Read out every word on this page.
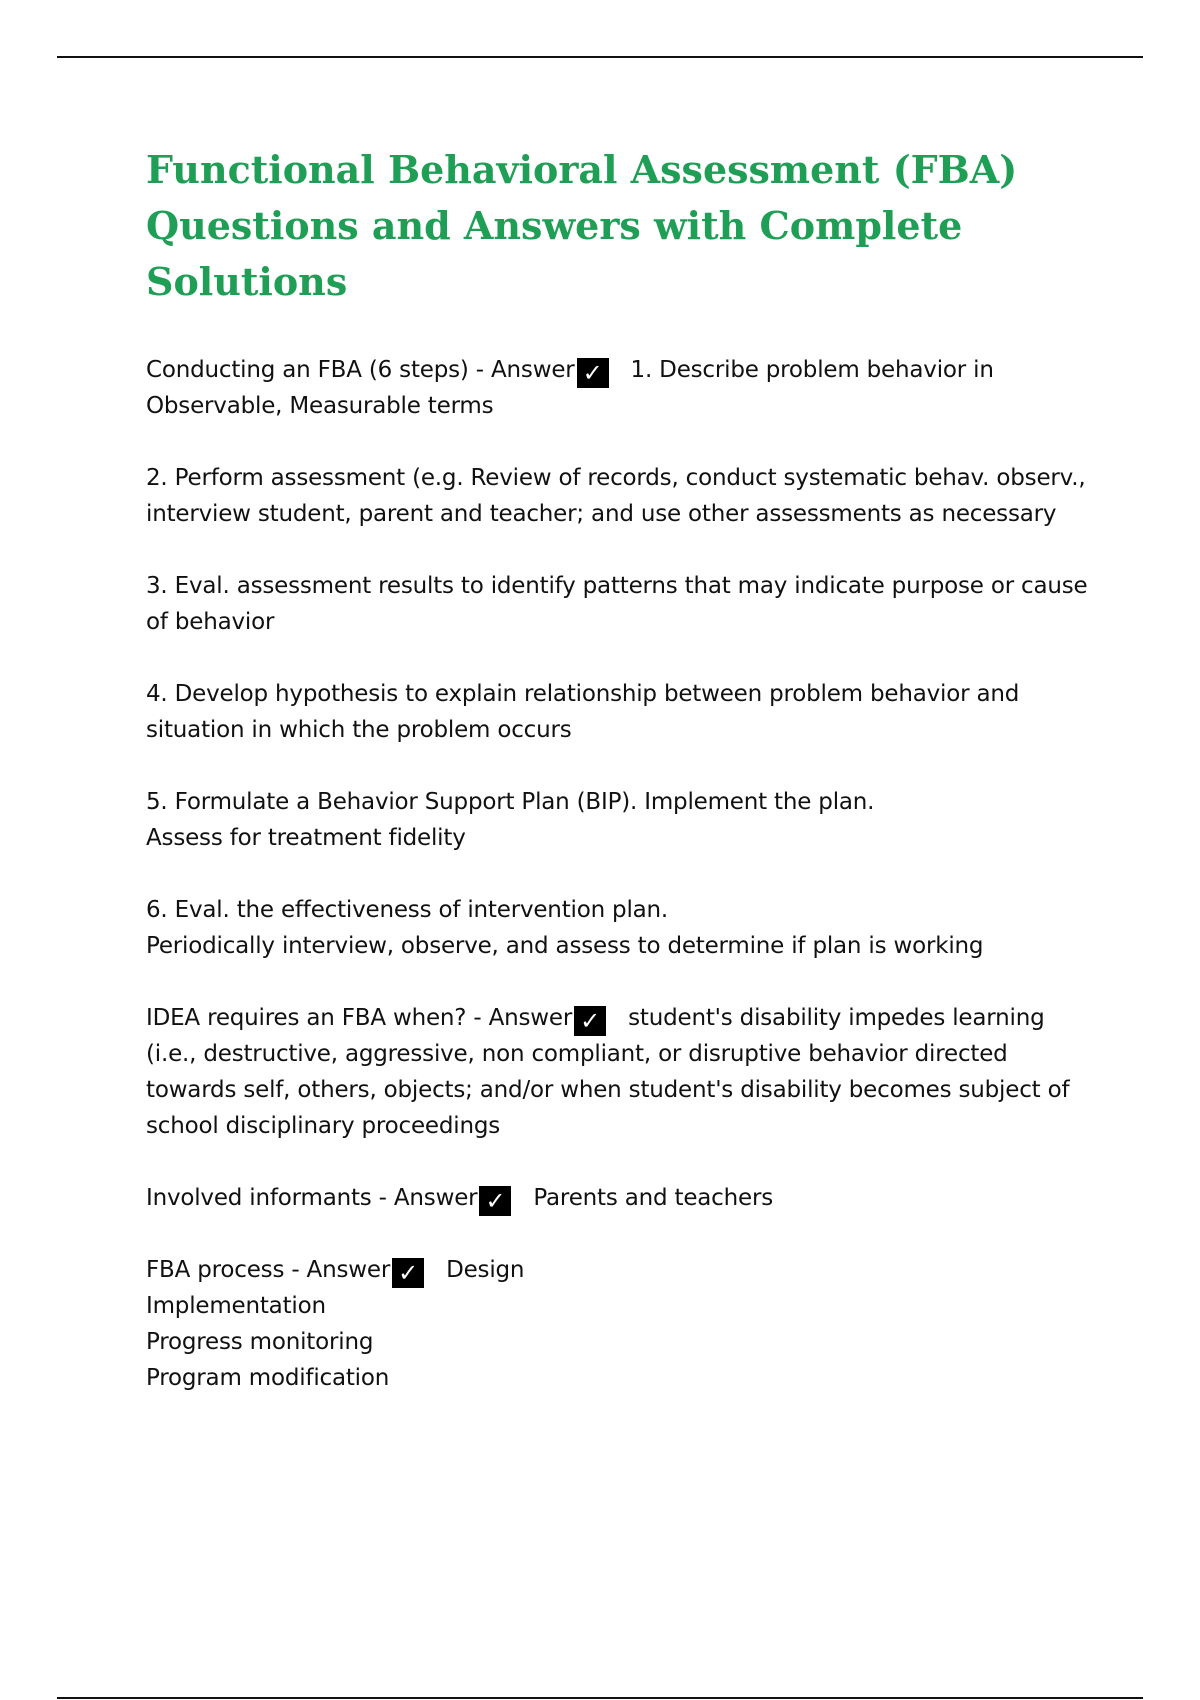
Functional Behavioral Assessment (FBA)
Questions and Answers with Complete Solutions
Conducting an FBA (6 steps) - Answer ✓ 1. Describe problem behavior in
Observable, Measurable terms
2. Perform assessment (e.g. Review of records, conduct systematic behav. observ.,
interview student, parent and teacher; and use other assessments as necessary
3. Eval. assessment results to identify patterns that may indicate purpose or cause
of behavior
4. Develop hypothesis to explain relationship between problem behavior and
situation in which the problem occurs
5. Formulate a Behavior Support Plan (BIP). Implement the plan.
Assess for treatment fidelity
6. Eval. the effectiveness of intervention plan.
Periodically interview, observe, and assess to determine if plan is working
IDEA requires an FBA when? - Answer ✓ student's disability impedes learning
(i.e., destructive, aggressive, non compliant, or disruptive behavior directed
towards self, others, objects; and/or when student's disability becomes subject of
school disciplinary proceedings
Involved informants - Answer ✓ Parents and teachers
FBA process - Answer ✓ Design
Implementation
Progress monitoring
Program modification
